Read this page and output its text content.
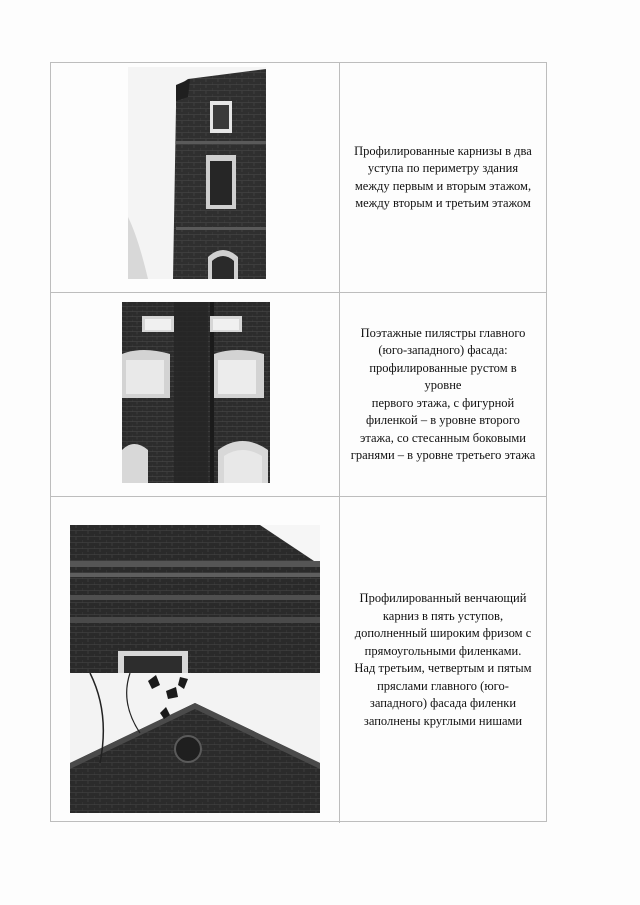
Профилированные карнизы в два
уступа по периметру здания
между первым и вторым этажом,
между вторым и третьим этажом

Поэтажные пилястры главного
(юго-западного) фасада:
профилированные рустом в уровне
первого этажа, с фигурной
филенкой – в уровне второго
этажа, со стесанным боковыми
гранями – в уровне третьего этажа

Профилированный венчающий
карниз в пять уступов,
дополненный широким фризом с
прямоугольными филенками.
Над третьим, четвертым и пятым
пряслами главного (юго-
западного) фасада филенки
заполнены круглыми нишами
